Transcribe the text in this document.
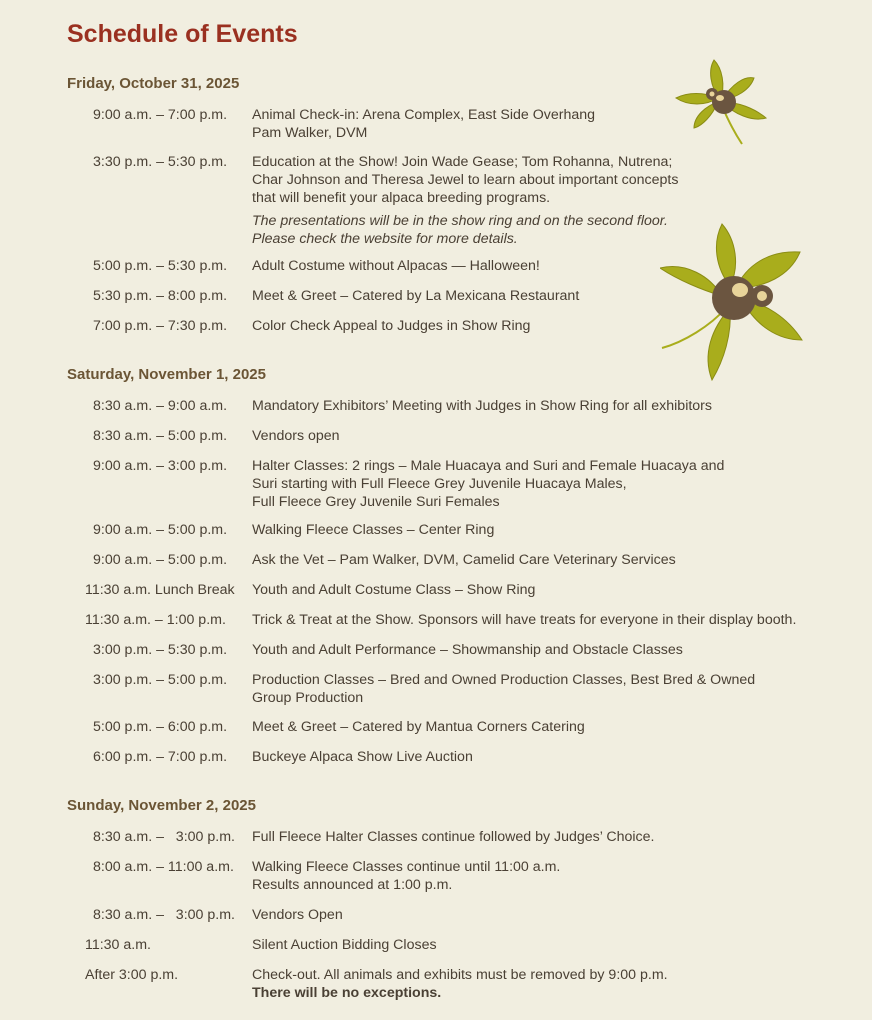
Schedule of Events
Friday, October 31, 2025
Saturday, November 1, 2025
Sunday, November 2, 2025
9:00 a.m. – 7:00 p.m. Animal Check-in: Arena Complex, East Side Overhang
Pam Walker, DVM
3:30 p.m. – 5:30 p.m. Education at the Show! Join Wade Gease; Tom Rohanna, Nutrena;
Char Johnson and Theresa Jewel to learn about important concepts
that will benefit your alpaca breeding programs.
The presentations will be in the show ring and on the second floor.
Please check the website for more details.
5:00 p.m. – 5:30 p.m. Adult Costume without Alpacas — Halloween!
5:30 p.m. – 8:00 p.m. Meet & Greet – Catered by La Mexicana Restaurant
7:00 p.m. – 7:30 p.m. Color Check Appeal to Judges in Show Ring
8:30 a.m. – 9:00 a.m. Mandatory Exhibitors’ Meeting with Judges in Show Ring for all exhibitors
8:30 a.m. – 5:00 p.m. Vendors open
9:00 a.m. – 3:00 p.m. Halter Classes: 2 rings – Male Huacaya and Suri and Female Huacaya and
Suri starting with Full Fleece Grey Juvenile Huacaya Males,
Full Fleece Grey Juvenile Suri Females
9:00 a.m. – 5:00 p.m. Walking Fleece Classes – Center Ring
9:00 a.m. – 5:00 p.m. Ask the Vet – Pam Walker, DVM, Camelid Care Veterinary Services
11:30 a.m. Lunch Break Youth and Adult Costume Class – Show Ring
11:30 a.m. – 1:00 p.m. Trick & Treat at the Show. Sponsors will have treats for everyone in their display booth.
3:00 p.m. – 5:30 p.m. Youth and Adult Performance – Showmanship and Obstacle Classes
3:00 p.m. – 5:00 p.m. Production Classes – Bred and Owned Production Classes, Best Bred & Owned
Group Production
5:00 p.m. – 6:00 p.m. Meet & Greet – Catered by Mantua Corners Catering
6:00 p.m. – 7:00 p.m. Buckeye Alpaca Show Live Auction
8:30 a.m. –   3:00 p.m. Full Fleece Halter Classes continue followed by Judges’ Choice.
8:00 a.m. – 11:00 a.m. Walking Fleece Classes continue until 11:00 a.m.
Results announced at 1:00 p.m.
8:30 a.m. –   3:00 p.m. Vendors Open
11:30 a.m.	Silent Auction Bidding Closes
After 3:00 p.m.	Check-out. All animals and exhibits must be removed by 9:00 p.m.
There will be no exceptions.
